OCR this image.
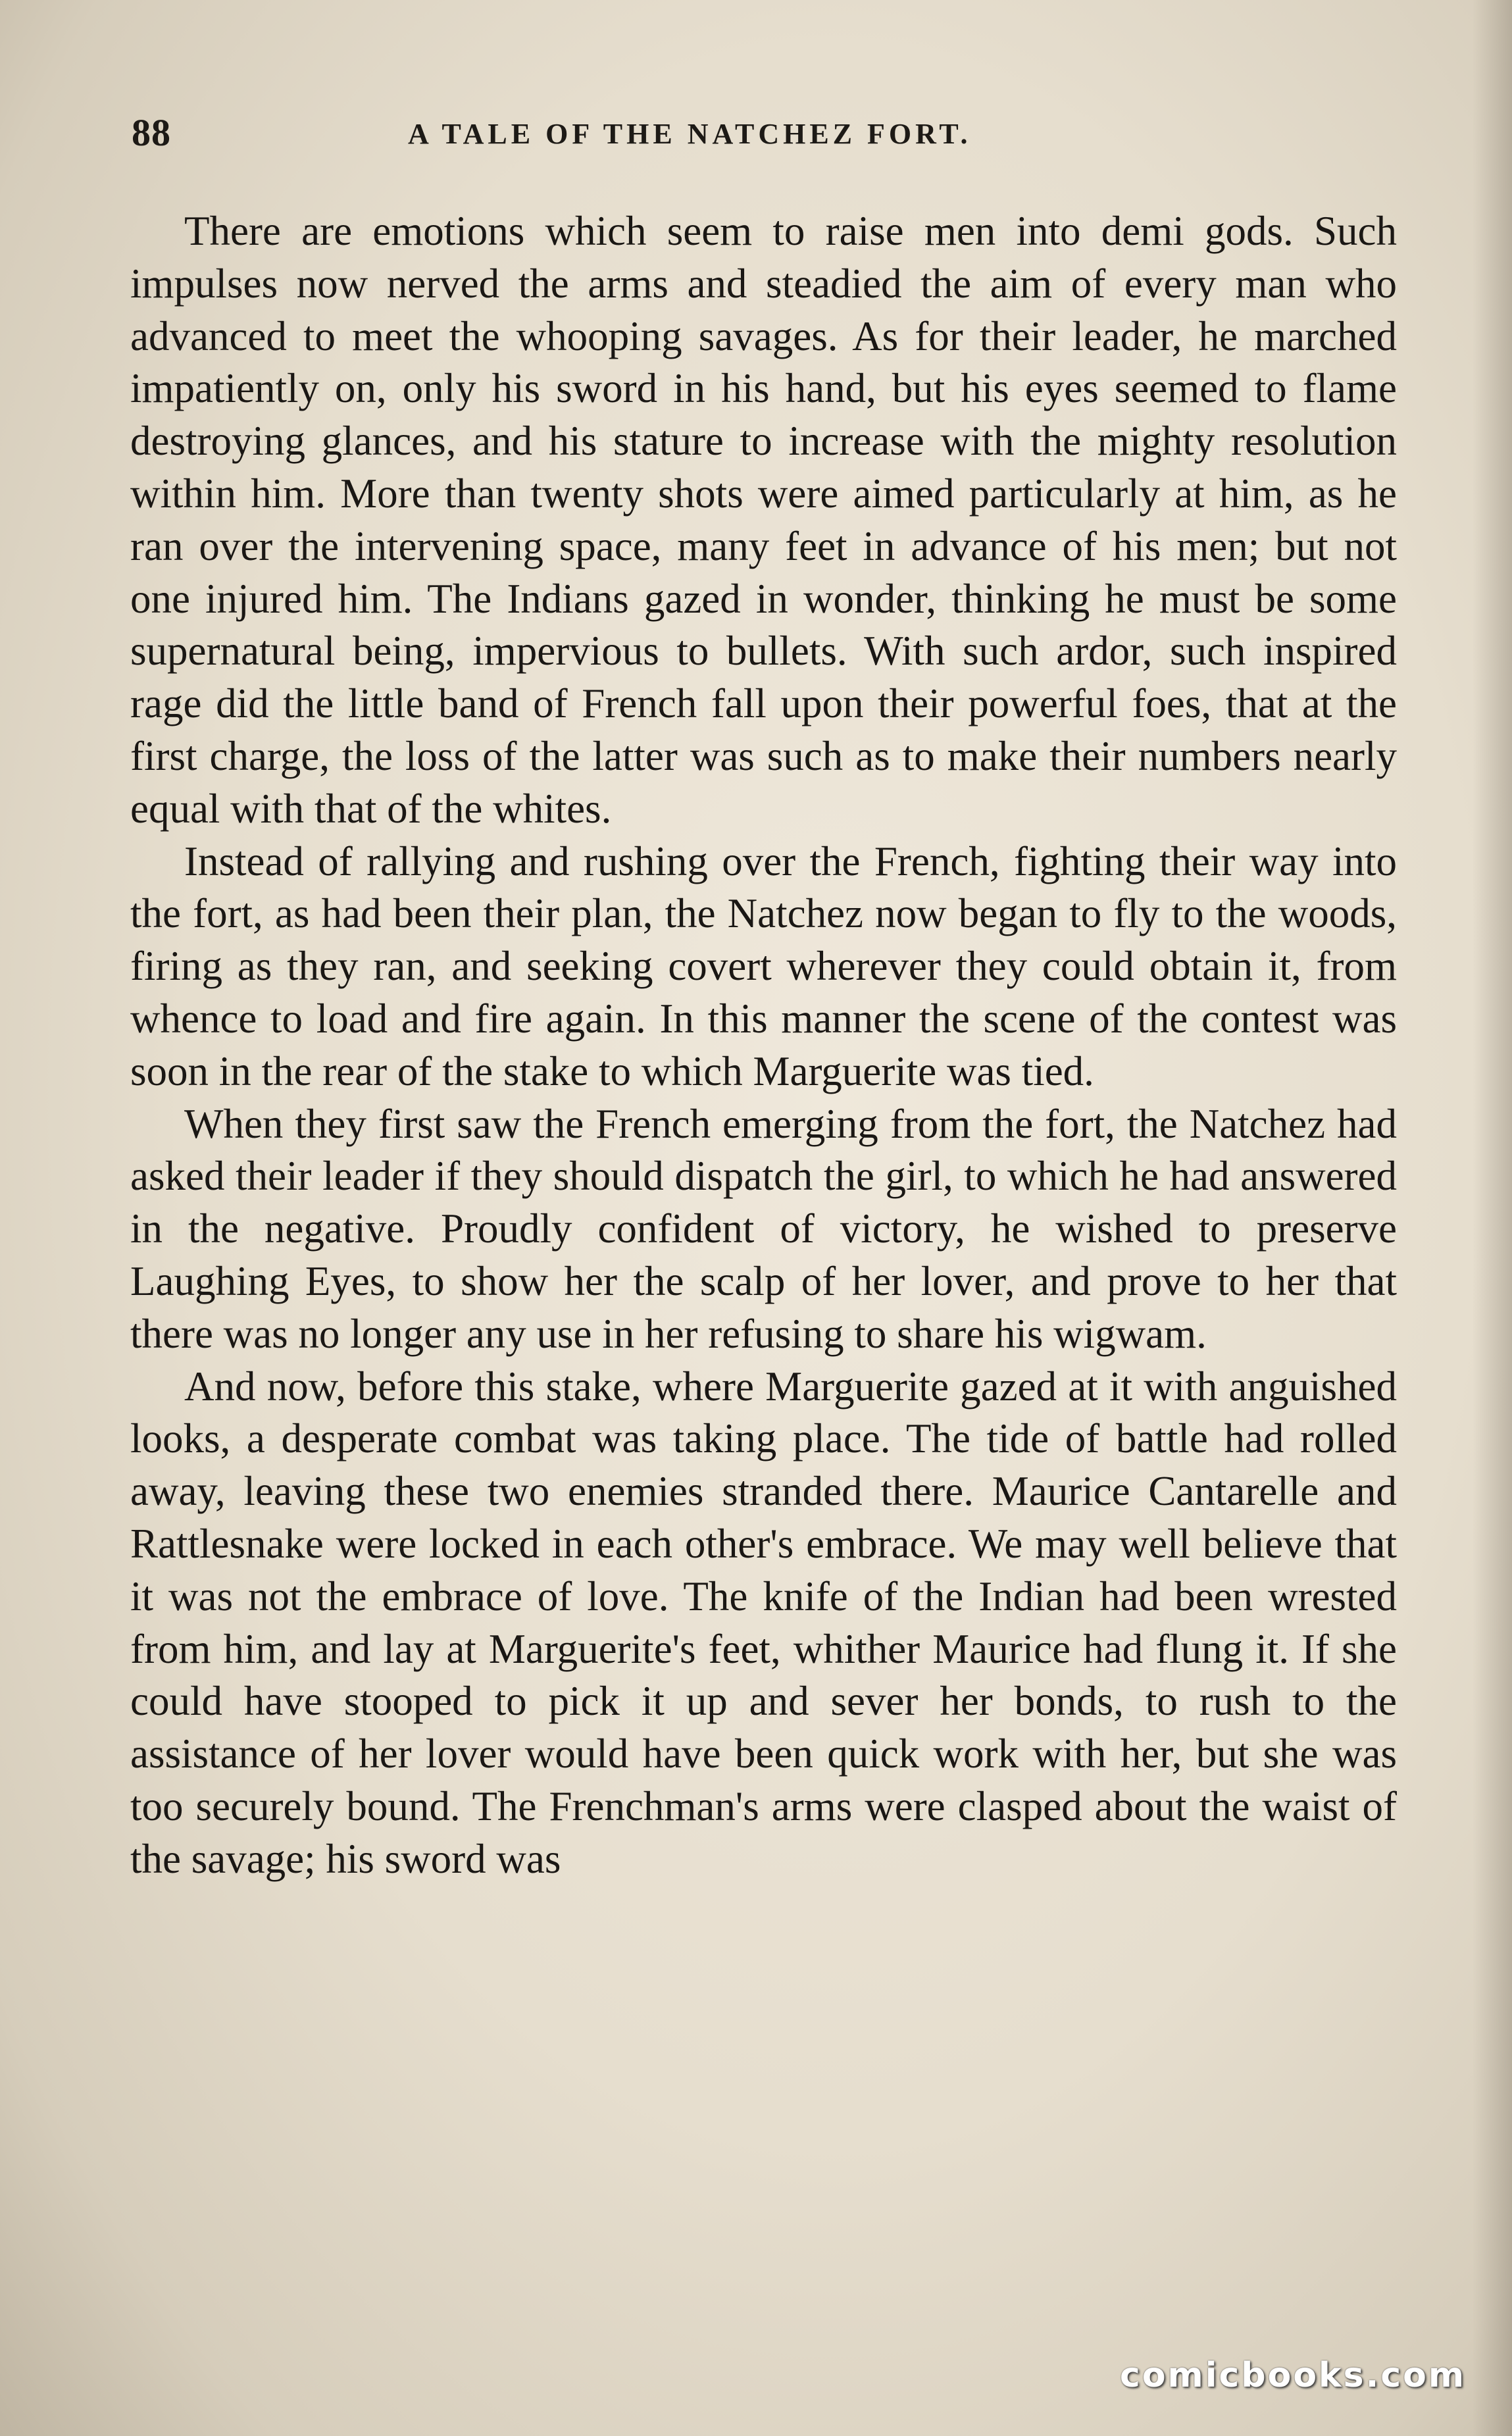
88	A TALE OF THE NATCHEZ FORT.

There are emotions which seem to raise men into demi gods. Such impulses now nerved the arms and steadied the aim of every man who advanced to meet the whooping savages. As for their leader, he marched impatiently on, only his sword in his hand, but his eyes seemed to flame destroying glances, and his stature to increase with the mighty resolution within him. More than twenty shots were aimed particularly at him, as he ran over the intervening space, many feet in advance of his men; but not one injured him. The Indians gazed in wonder, thinking he must be some supernatural being, impervious to bullets. With such ardor, such inspired rage did the little band of French fall upon their powerful foes, that at the first charge, the loss of the latter was such as to make their numbers nearly equal with that of the whites.

Instead of rallying and rushing over the French, fighting their way into the fort, as had been their plan, the Natchez now began to fly to the woods, firing as they ran, and seeking covert wherever they could obtain it, from whence to load and fire again. In this manner the scene of the contest was soon in the rear of the stake to which Marguerite was tied.

When they first saw the French emerging from the fort, the Natchez had asked their leader if they should dispatch the girl, to which he had answered in the negative. Proudly confident of victory, he wished to preserve Laughing Eyes, to show her the scalp of her lover, and prove to her that there was no longer any use in her refusing to share his wigwam.

And now, before this stake, where Marguerite gazed at it with anguished looks, a desperate combat was taking place. The tide of battle had rolled away, leaving these two enemies stranded there. Maurice Cantarelle and Rattlesnake were locked in each other's embrace. We may well believe that it was not the embrace of love. The knife of the Indian had been wrested from him, and lay at Marguerite's feet, whither Maurice had flung it. If she could have stooped to pick it up and sever her bonds, to rush to the assistance of her lover would have been quick work with her, but she was too securely bound. The Frenchman's arms were clasped about the waist of the savage; his sword was

comicbooks.com
